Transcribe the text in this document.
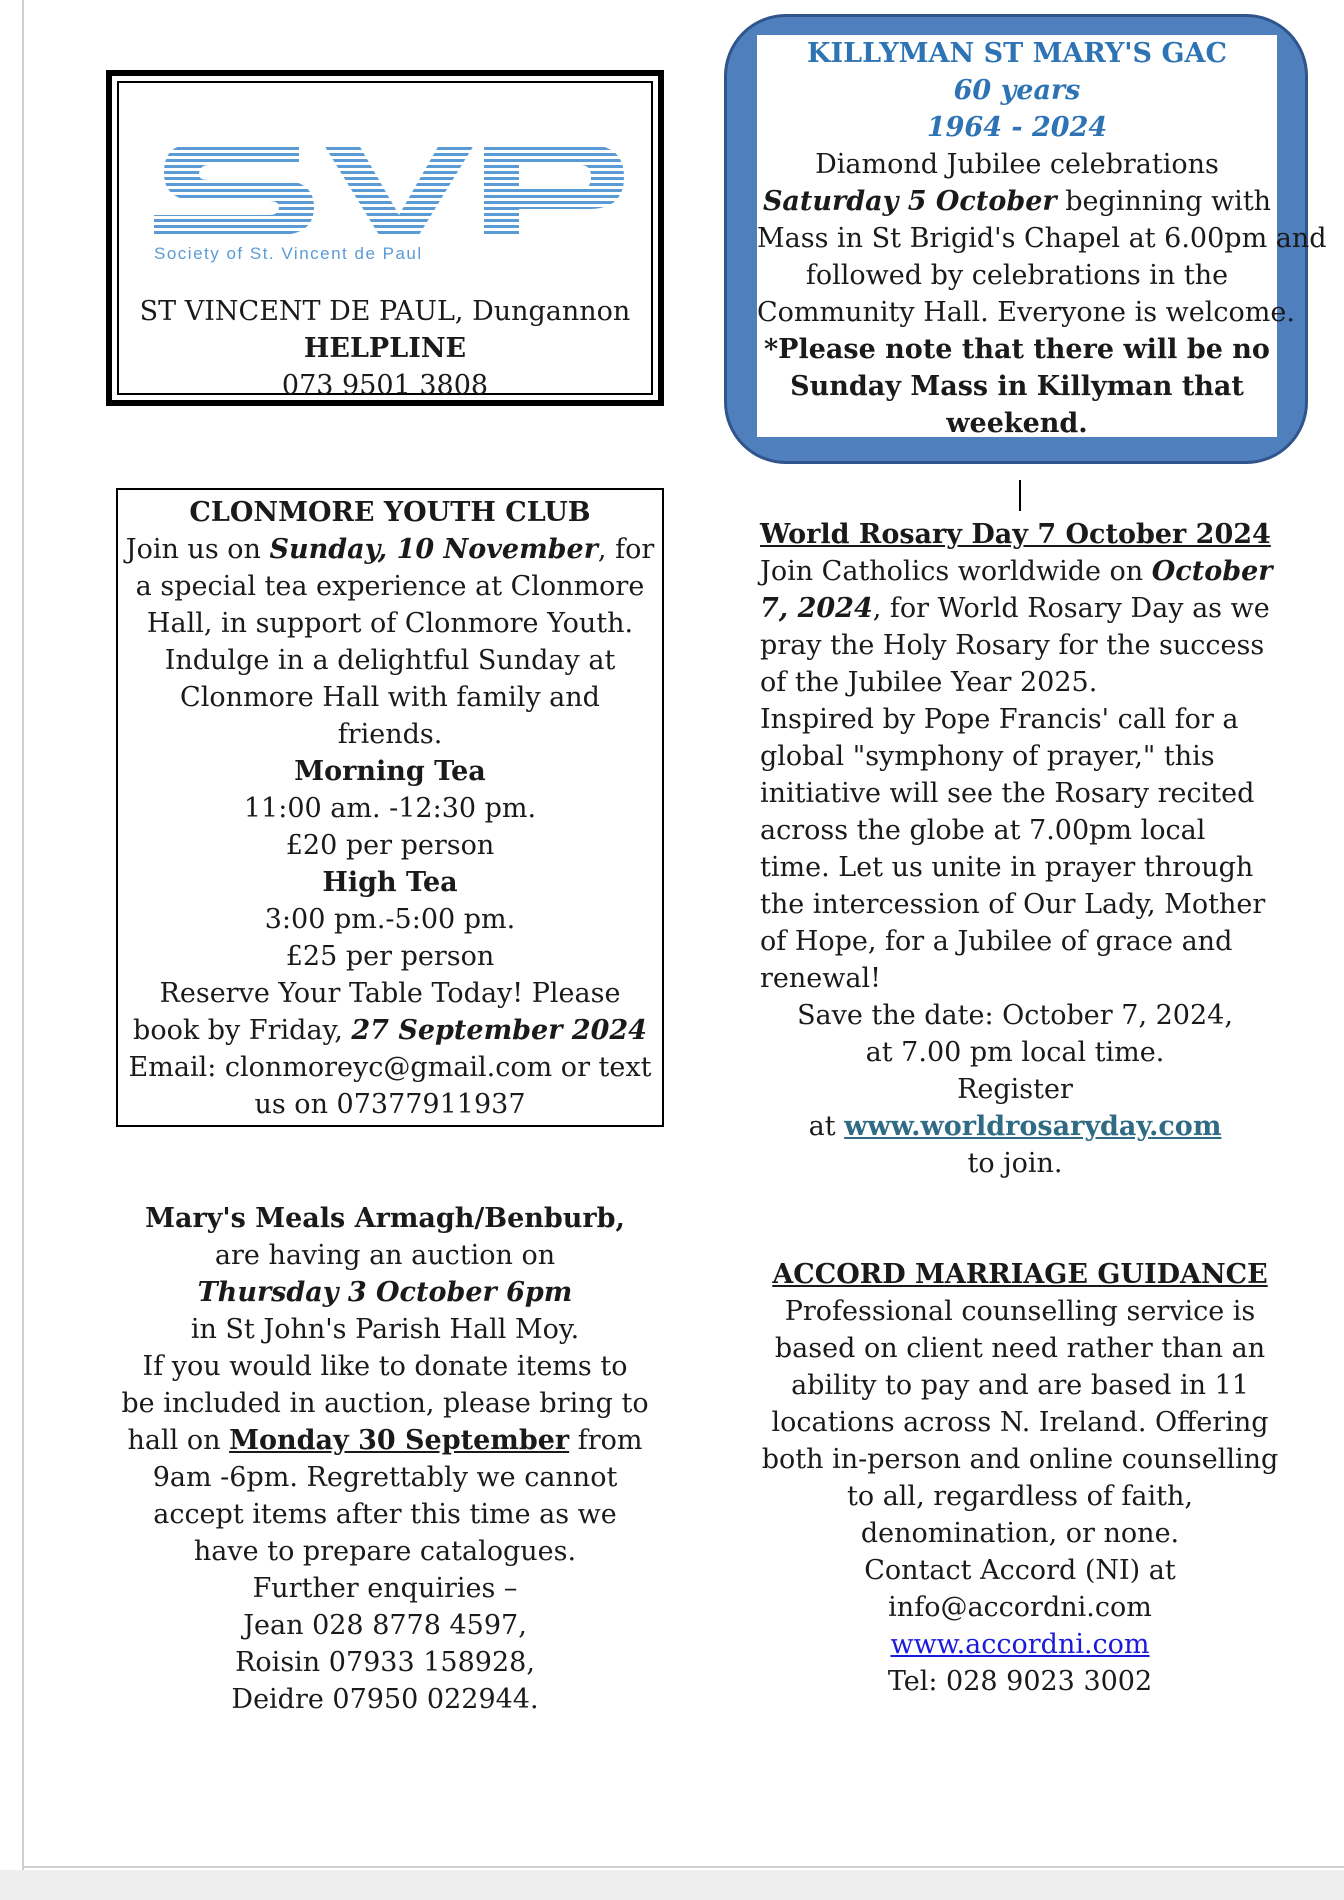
Society of St. Vincent de Paul
ST VINCENT DE PAUL, Dungannon
HELPLINE
073 9501 3808
KILLYMAN ST MARY'S GAC
60 years
1964 - 2024
Diamond Jubilee celebrations
Saturday 5 October beginning with
Mass in St Brigid's Chapel at 6.00pm and
followed by celebrations in the
Community Hall. Everyone is welcome.
*Please note that there will be no
Sunday Mass in Killyman that
weekend.
CLONMORE YOUTH CLUB
Join us on Sunday, 10 November, for
a special tea experience at Clonmore
Hall, in support of Clonmore Youth.
Indulge in a delightful Sunday at
Clonmore Hall with family and
friends.
Morning Tea
11:00 am. -12:30 pm.
£20 per person
High Tea
3:00 pm.-5:00 pm.
£25 per person
Reserve Your Table Today! Please
book by Friday, 27 September 2024
Email: clonmoreyc@gmail.com or text
us on 07377911937
World Rosary Day 7 October 2024
Join Catholics worldwide on October
7, 2024, for World Rosary Day as we
pray the Holy Rosary for the success
of the Jubilee Year 2025.
Inspired by Pope Francis' call for a
global "symphony of prayer," this
initiative will see the Rosary recited
across the globe at 7.00pm local
time. Let us unite in prayer through
the intercession of Our Lady, Mother
of Hope, for a Jubilee of grace and
renewal!
Save the date: October 7, 2024,
at 7.00 pm local time.
Register
at www.worldrosaryday.com
to join.
Mary's Meals Armagh/Benburb,
are having an auction on
Thursday 3 October 6pm
in St John's Parish Hall Moy.
If you would like to donate items to
be included in auction, please bring to
hall on Monday 30 September from
9am -6pm. Regrettably we cannot
accept items after this time as we
have to prepare catalogues.
Further enquiries –
Jean 028 8778 4597,
Roisin 07933 158928,
Deidre 07950 022944.
ACCORD MARRIAGE GUIDANCE
Professional counselling service is
based on client need rather than an
ability to pay and are based in 11
locations across N. Ireland. Offering
both in-person and online counselling
to all, regardless of faith,
denomination, or none.
Contact Accord (NI) at
info@accordni.com
www.accordni.com
Tel: 028 9023 3002
